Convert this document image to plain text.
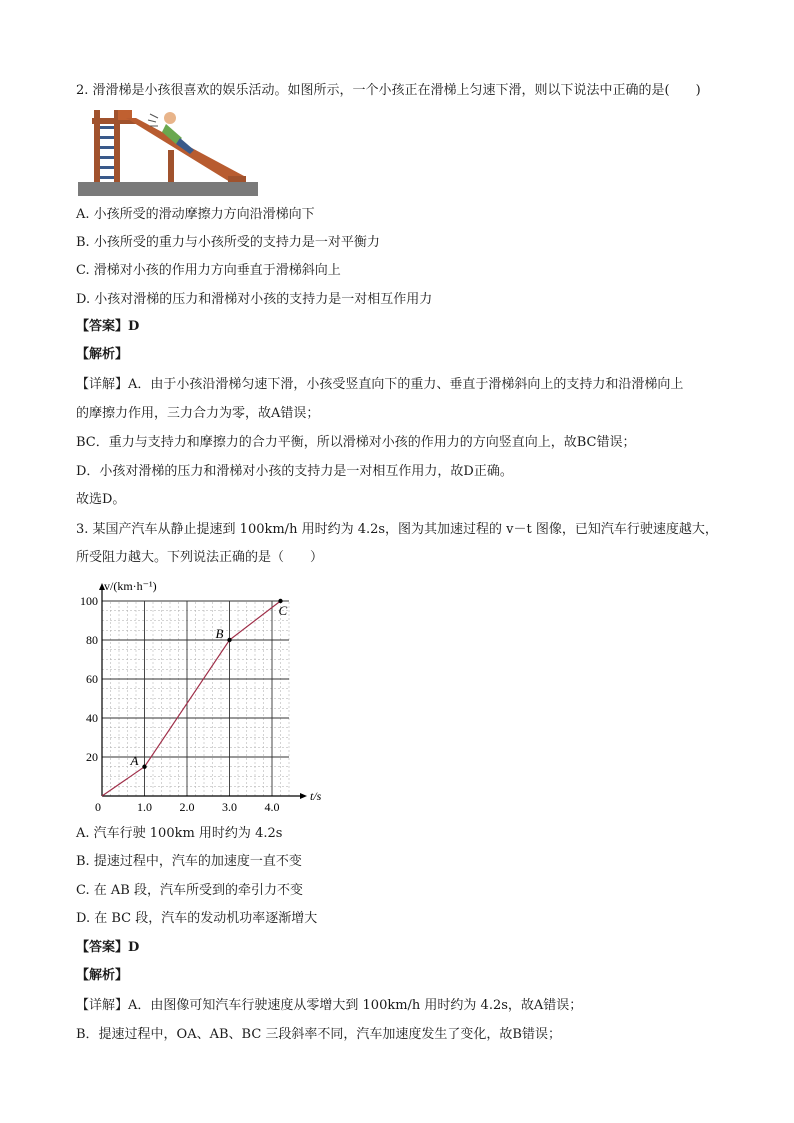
2. 滑滑梯是小孩很喜欢的娱乐活动。如图所示，一个小孩正在滑梯上匀速下滑，则以下说法中正确的是(　　)
A. 小孩所受的滑动摩擦力方向沿滑梯向下
B. 小孩所受的重力与小孩所受的支持力是一对平衡力
C. 滑梯对小孩的作用力方向垂直于滑梯斜向上
D. 小孩对滑梯的压力和滑梯对小孩的支持力是一对相互作用力
【答案】D
【解析】
【详解】A．由于小孩沿滑梯匀速下滑，小孩受竖直向下的重力、垂直于滑梯斜向上的支持力和沿滑梯向上
的摩擦力作用，三力合力为零，故A错误；
BC．重力与支持力和摩擦力的合力平衡，所以滑梯对小孩的作用力的方向竖直向上，故BC错误；
D．小孩对滑梯的压力和滑梯对小孩的支持力是一对相互作用力，故D正确。
故选D。
3. 某国产汽车从静止提速到 100km/h 用时约为 4.2s，图为其加速过程的 v－t 图像，已知汽车行驶速度越大，
所受阻力越大。下列说法正确的是（　　）
0	1.0 2.0 3.0 4.0
20
40
60
80
100
A
B
C
v/(km·h⁻¹)
t/s
A. 汽车行驶 100km 用时约为 4.2s
B. 提速过程中，汽车的加速度一直不变
C. 在 AB 段，汽车所受到的牵引力不变
D. 在 BC 段，汽车的发动机功率逐渐增大
【答案】D
【解析】
【详解】A．由图像可知汽车行驶速度从零增大到 100km/h 用时约为 4.2s，故A错误；
B．提速过程中，OA、AB、BC 三段斜率不同，汽车加速度发生了变化，故B错误；
